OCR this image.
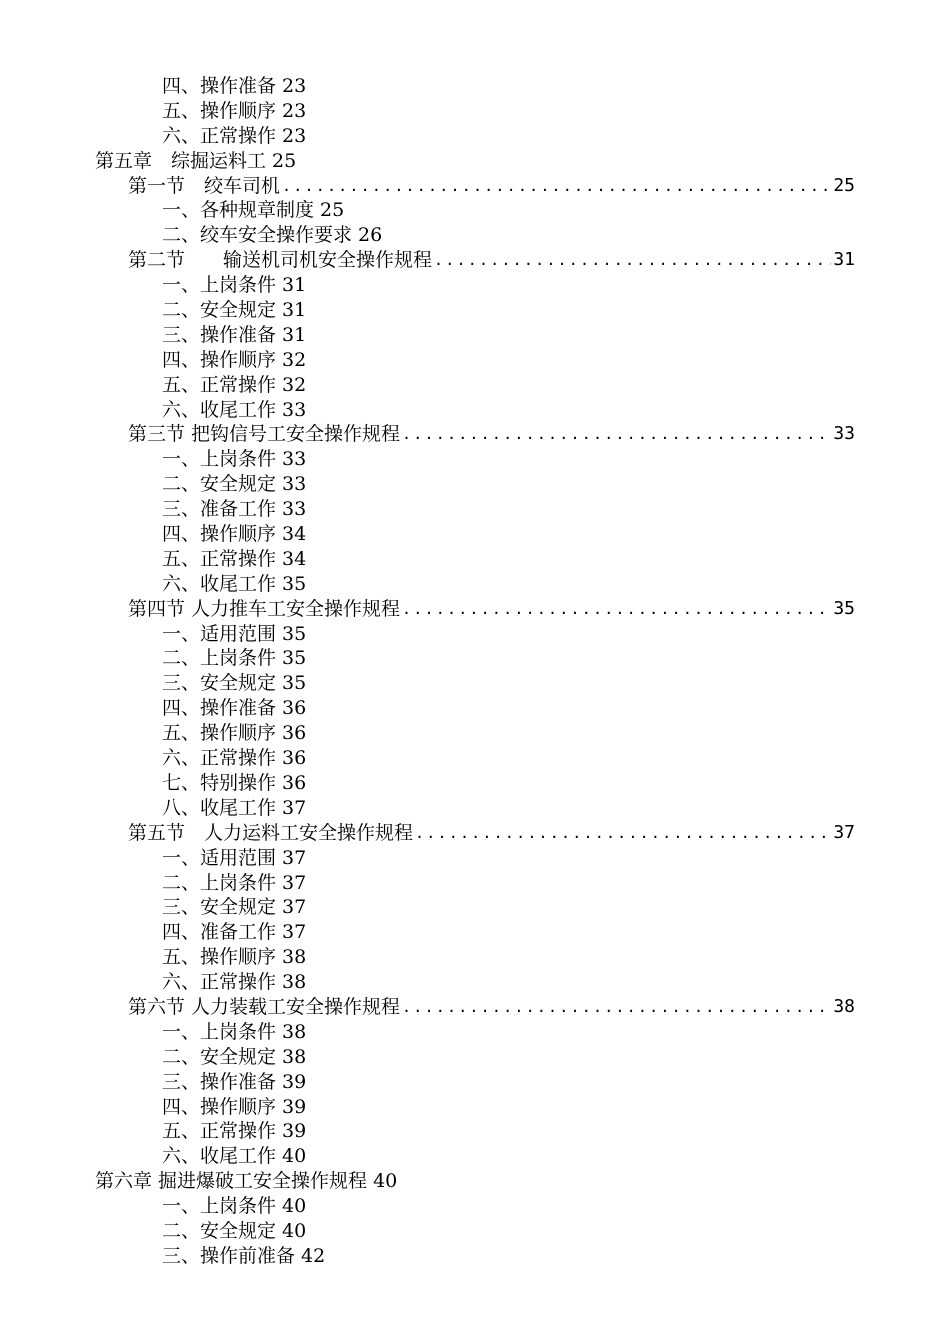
四、操作准备 23
五、操作顺序 23
六、正常操作 23
第五章　综掘运料工 25
第一节　绞车司机 .....	25
一、各种规章制度 25
二、绞车安全操作要求 26
第二节　　输送机司机安全操作规程 .....	31
一、上岗条件 31
二、安全规定 31
三、操作准备 31
四、操作顺序 32
五、正常操作 32
六、收尾工作 33
第三节 把钩信号工安全操作规程 .....	33
一、上岗条件 33
二、安全规定 33
三、准备工作 33
四、操作顺序 34
五、正常操作 34
六、收尾工作 35
第四节 人力推车工安全操作规程 .....	35
一、适用范围 35
二、上岗条件 35
三、安全规定 35
四、操作准备 36
五、操作顺序 36
六、正常操作 36
七、特别操作 36
八、收尾工作 37
第五节　人力运料工安全操作规程 .....	37
一、适用范围 37
二、上岗条件 37
三、安全规定 37
四、准备工作 37
五、操作顺序 38
六、正常操作 38
第六节 人力装载工安全操作规程 .....	38
一、上岗条件 38
二、安全规定 38
三、操作准备 39
四、操作顺序 39
五、正常操作 39
六、收尾工作 40
第六章 掘进爆破工安全操作规程 40
一、上岗条件 40
二、安全规定 40
三、操作前准备 42
